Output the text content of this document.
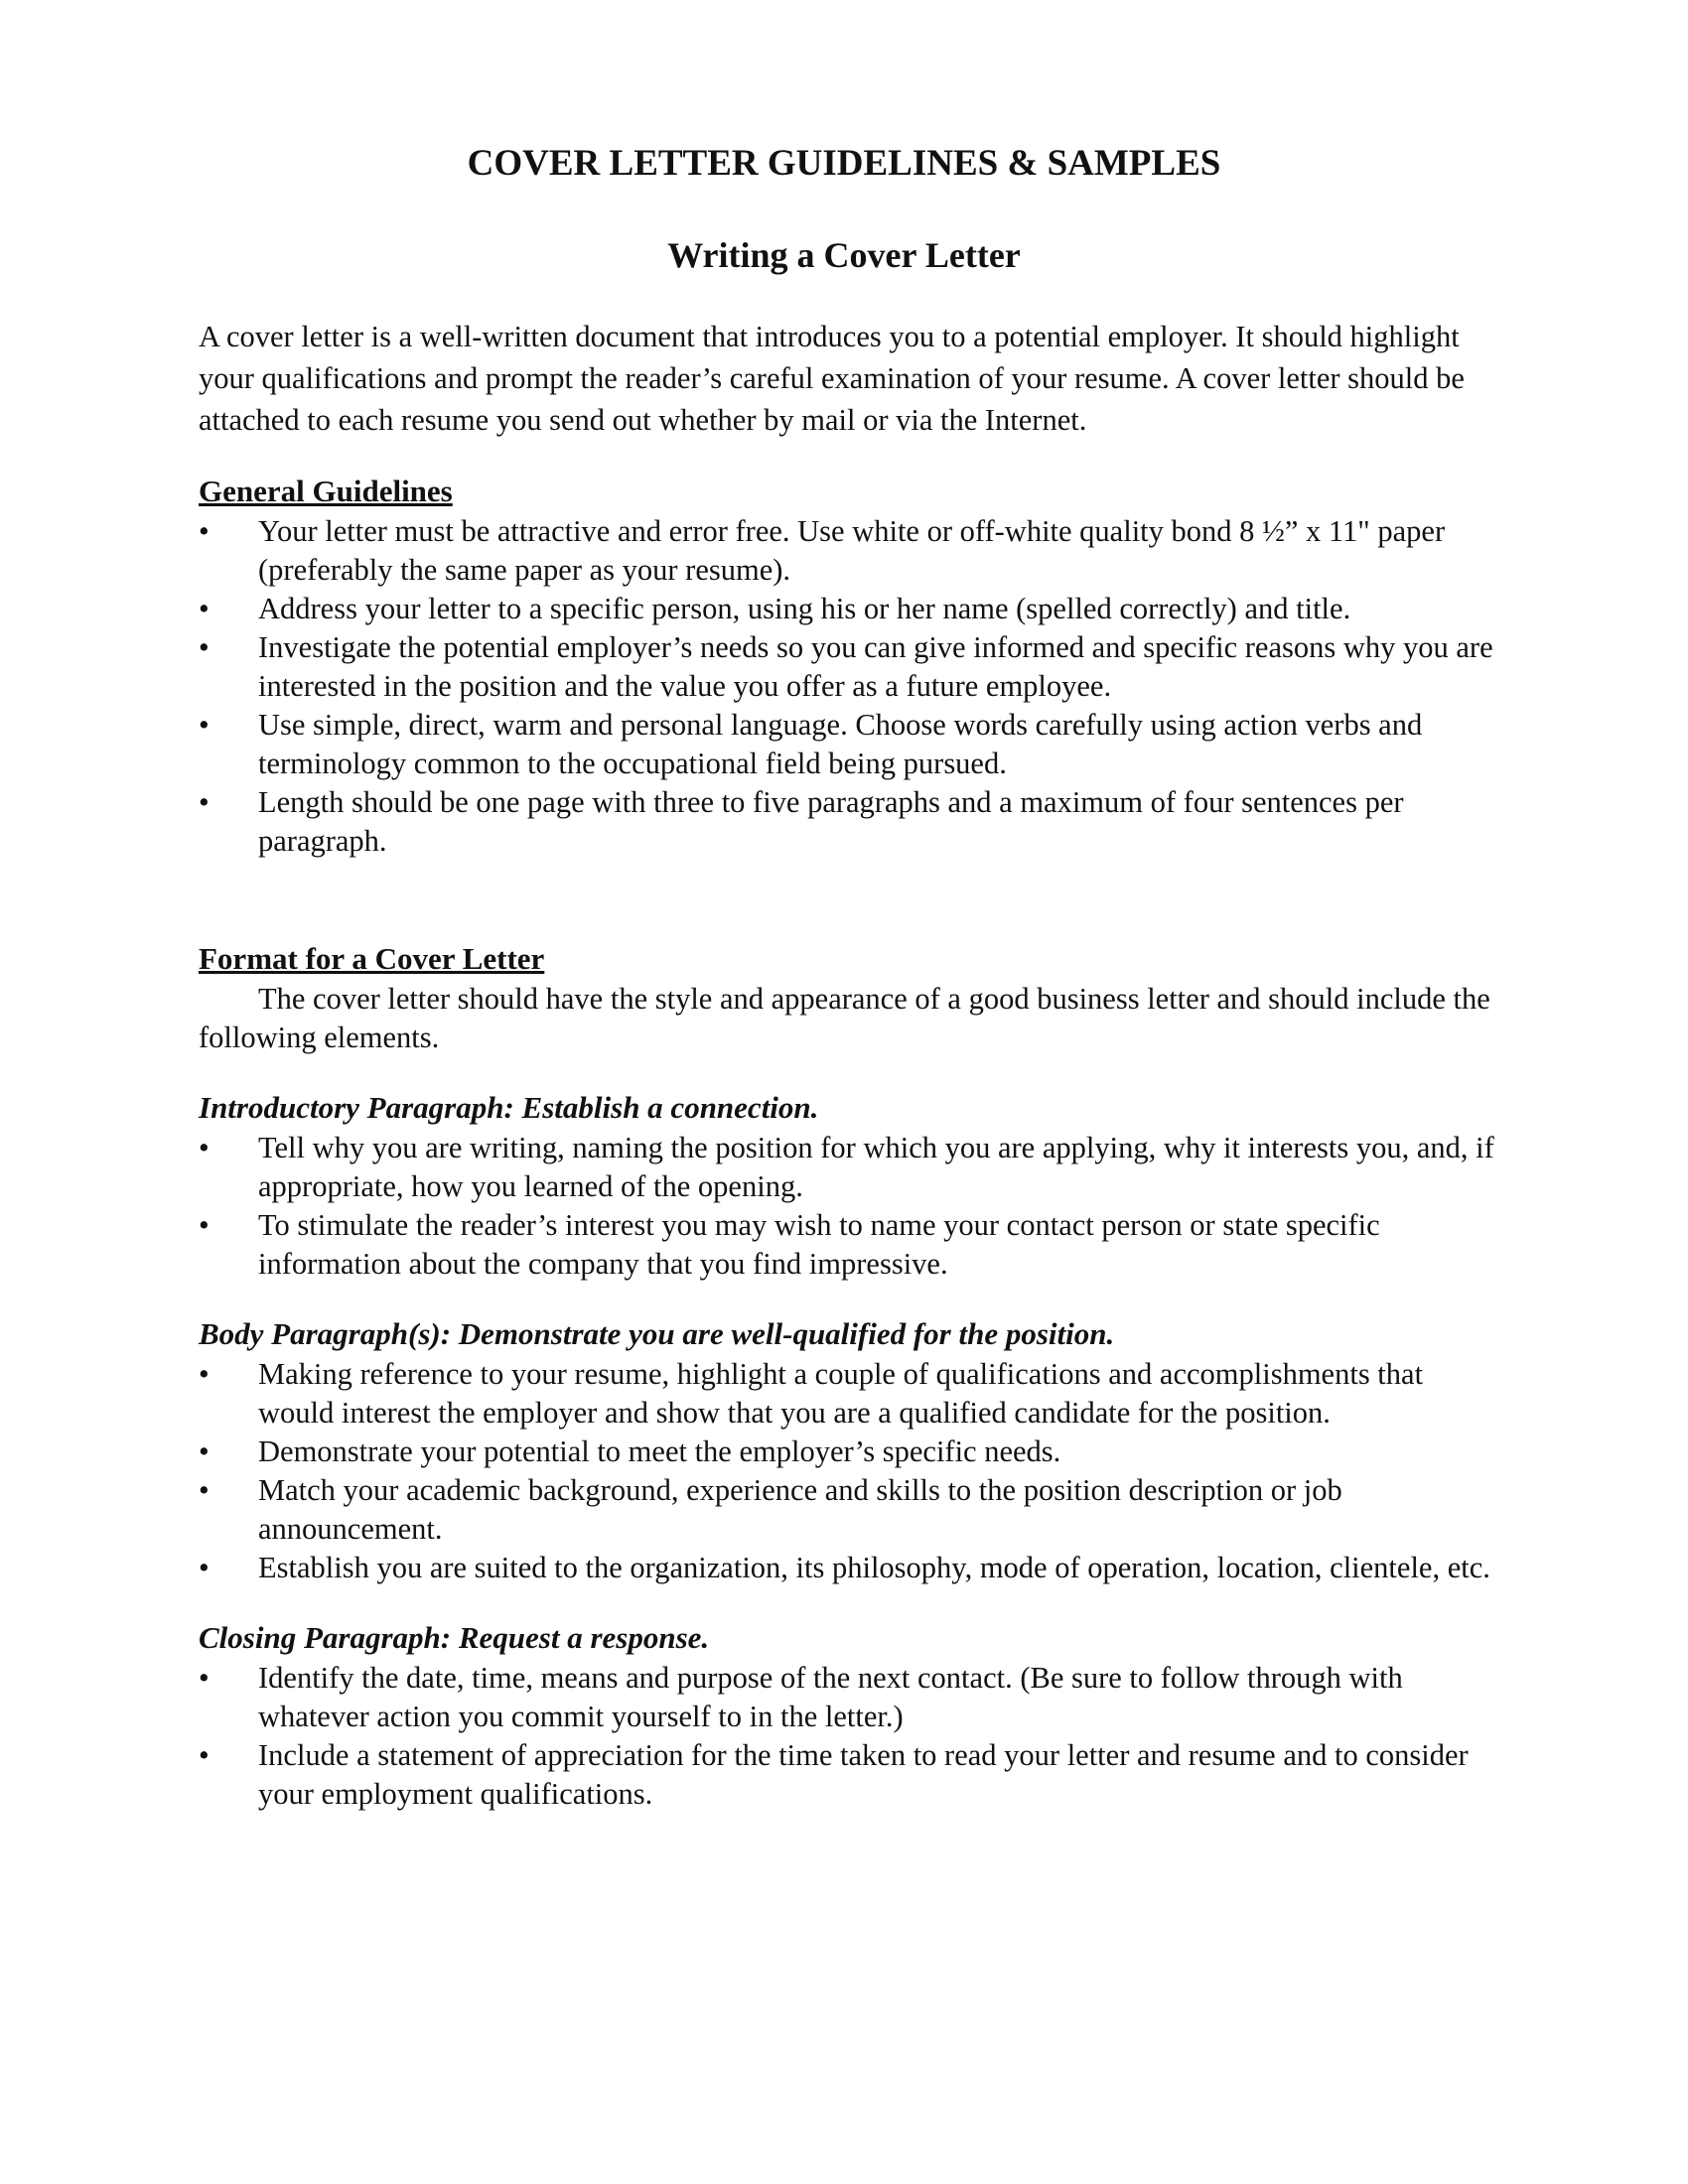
COVER LETTER GUIDELINES & SAMPLES
Writing a Cover Letter

A cover letter is a well-written document that introduces you to a potential employer. It should highlight your qualifications and prompt the reader’s careful examination of your resume. A cover letter should be attached to each resume you send out whether by mail or via the Internet.

General Guidelines

• Your letter must be attractive and error free. Use white or off-white quality bond 8 ½” x 11" paper (preferably the same paper as your resume).
• Address your letter to a specific person, using his or her name (spelled correctly) and title.
• Investigate the potential employer’s needs so you can give informed and specific reasons why you are interested in the position and the value you offer as a future employee.
• Use simple, direct, warm and personal language. Choose words carefully using action verbs and terminology common to the occupational field being pursued.
• Length should be one page with three to five paragraphs and a maximum of four sentences per paragraph.

Format for a Cover Letter

The cover letter should have the style and appearance of a good business letter and should include the following elements.

Introductory Paragraph: Establish a connection.

• Tell why you are writing, naming the position for which you are applying, why it interests you, and, if appropriate, how you learned of the opening.
• To stimulate the reader’s interest you may wish to name your contact person or state specific information about the company that you find impressive.

Body Paragraph(s): Demonstrate you are well-qualified for the position.

• Making reference to your resume, highlight a couple of qualifications and accomplishments that would interest the employer and show that you are a qualified candidate for the position.
• Demonstrate your potential to meet the employer’s specific needs.
• Match your academic background, experience and skills to the position description or job announcement.
• Establish you are suited to the organization, its philosophy, mode of operation, location, clientele, etc.

Closing Paragraph: Request a response.

• Identify the date, time, means and purpose of the next contact. (Be sure to follow through with whatever action you commit yourself to in the letter.)
• Include a statement of appreciation for the time taken to read your letter and resume and to consider your employment qualifications.
